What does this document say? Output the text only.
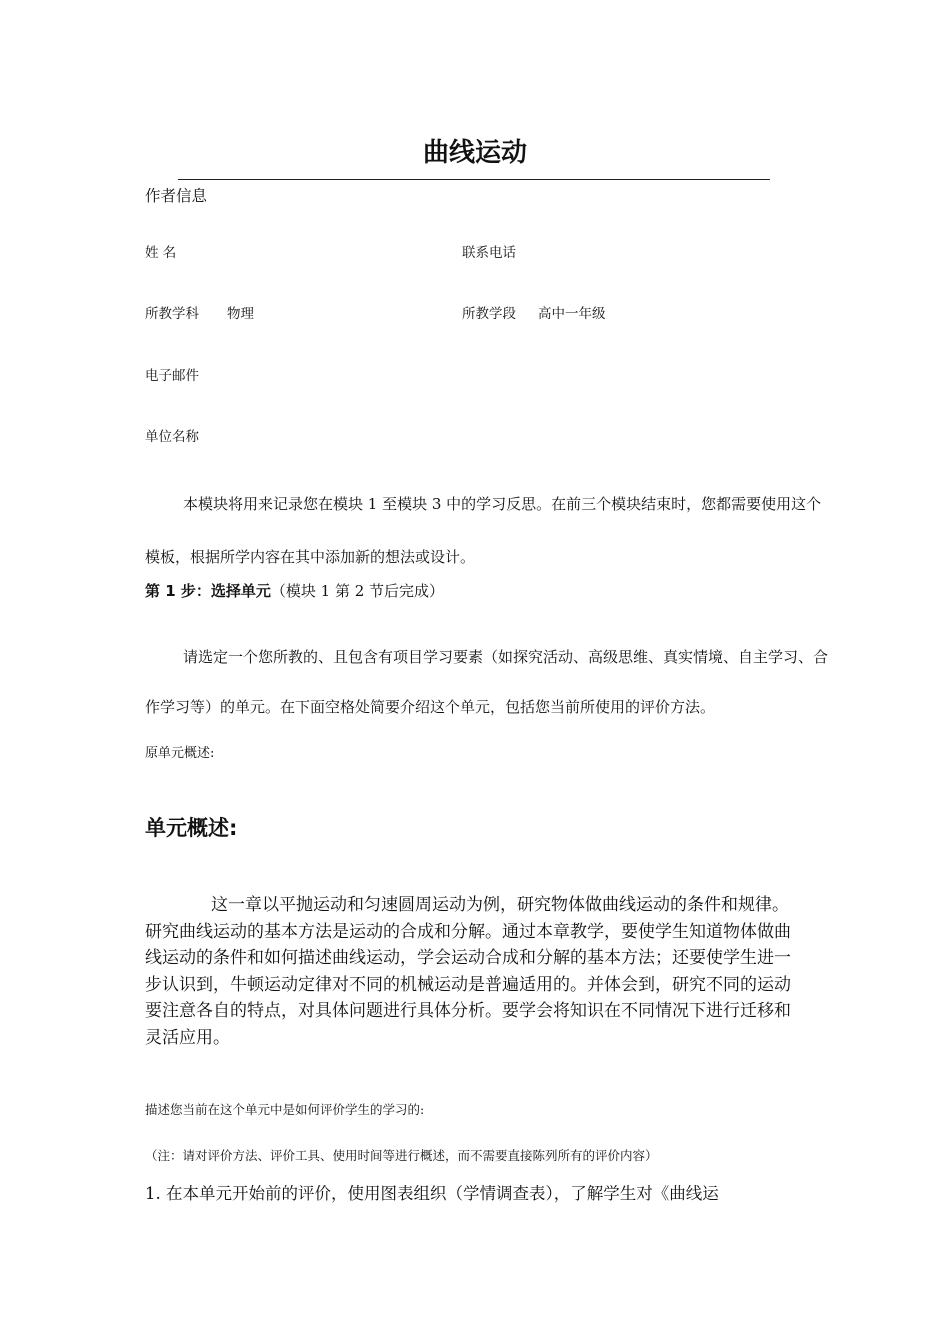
曲线运动
作者信息
姓 名	联系电话
所教学科 物理	所教学段 高中一年级
电子邮件
单位名称
本模块将用来记录您在模块 1 至模块 3 中的学习反思。在前三个模块结束时，您都需要使用这个模板，根据所学内容在其中添加新的想法或设计。
第 1 步：选择单元（模块 1 第 2 节后完成）
请选定一个您所教的、且包含有项目学习要素（如探究活动、高级思维、真实情境、自主学习、合作学习等）的单元。在下面空格处简要介绍这个单元，包括您当前所使用的评价方法。
原单元概述:
单元概述:
这一章以平抛运动和匀速圆周运动为例，研究物体做曲线运动的条件和规律。研究曲线运动的基本方法是运动的合成和分解。通过本章教学，要使学生知道物体做曲线运动的条件和如何描述曲线运动，学会运动合成和分解的基本方法；还要使学生进一步认识到，牛顿运动定律对不同的机械运动是普遍适用的。并体会到，研究不同的运动要注意各自的特点，对具体问题进行具体分析。要学会将知识在不同情况下进行迁移和灵活应用。
描述您当前在这个单元中是如何评价学生的学习的:
（注：请对评价方法、评价工具、使用时间等进行概述，而不需要直接陈列所有的评价内容）
1. 在本单元开始前的评价，使用图表组织（学情调查表），了解学生对《曲线运
